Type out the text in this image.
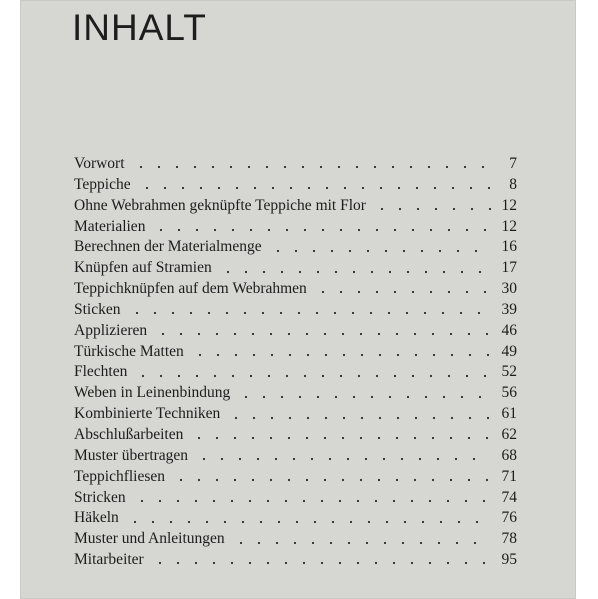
INHALT
Vorwort	7
Teppiche	8
Ohne Webrahmen geknüpfte Teppiche mit Flor	12
Materialien	12
Berechnen der Materialmenge	16
Knüpfen auf Stramien	17
Teppichknüpfen auf dem Webrahmen	30
Sticken	39
Applizieren	46
Türkische Matten	49
Flechten	52
Weben in Leinenbindung	56
Kombinierte Techniken	61
Abschlußarbeiten	62
Muster übertragen	68
Teppichfliesen	71
Stricken	74
Häkeln	76
Muster und Anleitungen	78
Mitarbeiter	95
